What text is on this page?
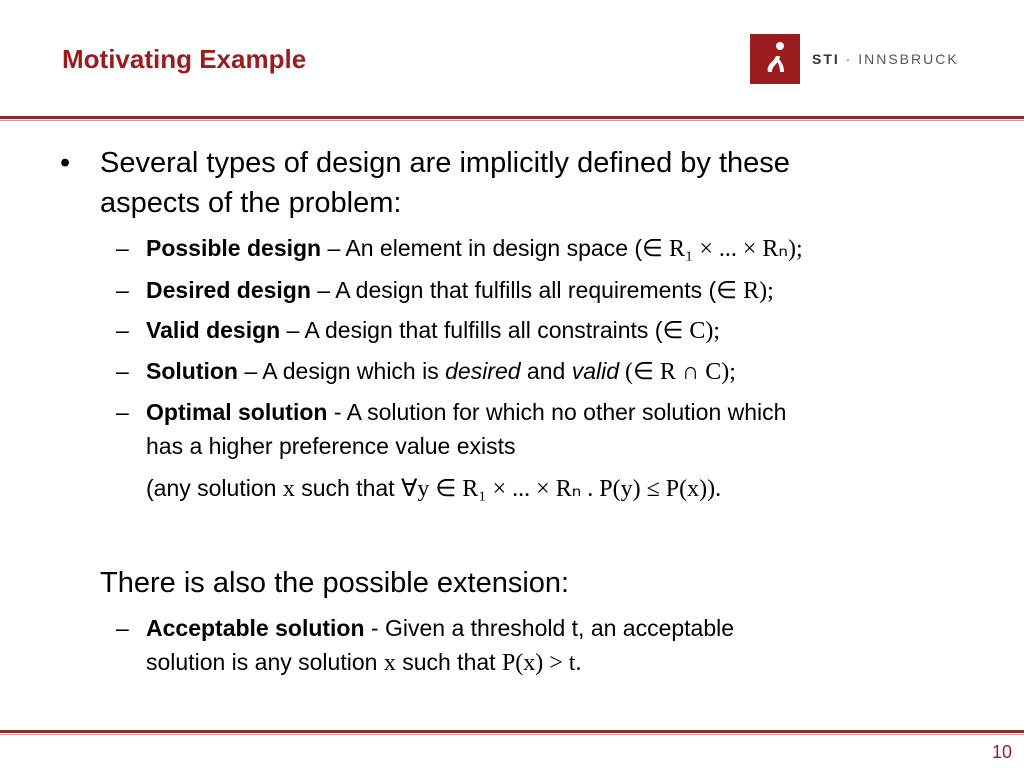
Motivating Example	STI · INNSBRUCK
• Several types of design are implicitly defined by these
aspects of the problem:
– Possible design – An element in design space (∈ R₁ × ... × Rₙ);
– Desired design – A design that fulfills all requirements (∈ R);
– Valid design – A design that fulfills all constraints (∈ C);
– Solution – A design which is desired and valid (∈ R ∩ C);
– Optimal solution - A solution for which no other solution which
has a higher preference value exists
(any solution x such that ∀y ∈ R₁ × ... × Rₙ . P(y) ≤ P(x)).
There is also the possible extension:
– Acceptable solution - Given a threshold t, an acceptable
solution is any solution x such that P(x) > t.
10
